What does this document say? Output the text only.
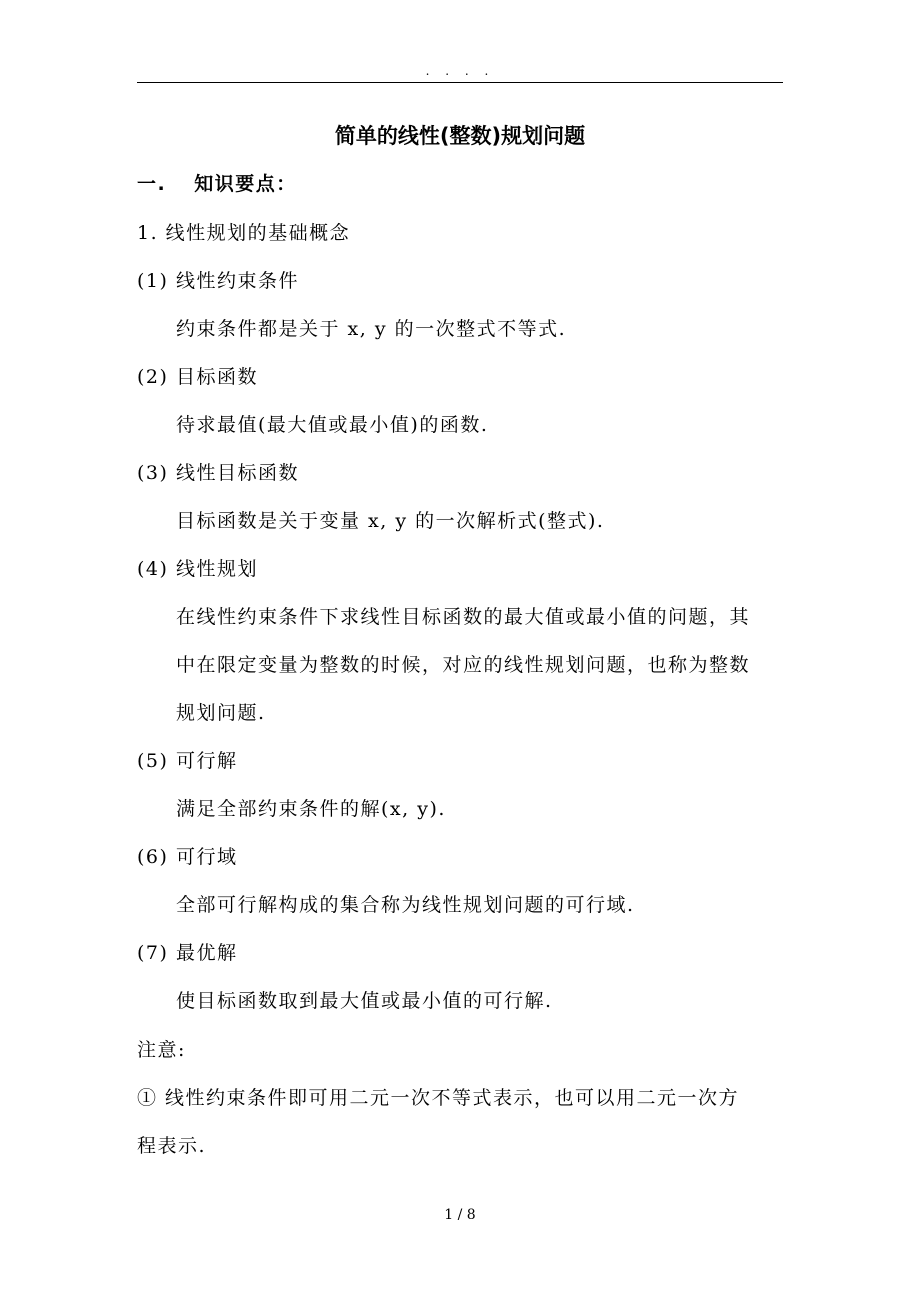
. . . .
简单的线性(整数)规划问题
一. 知识要点：
1. 线性规划的基础概念
(1) 线性约束条件
约束条件都是关于 x, y 的一次整式不等式.
(2) 目标函数
待求最值(最大值或最小值)的函数.
(3) 线性目标函数
目标函数是关于变量 x, y 的一次解析式(整式).
(4) 线性规划
在线性约束条件下求线性目标函数的最大值或最小值的问题，其
中在限定变量为整数的时候，对应的线性规划问题，也称为整数
规划问题.
(5) 可行解
满足全部约束条件的解(x, y).
(6) 可行域
全部可行解构成的集合称为线性规划问题的可行域.
(7) 最优解
使目标函数取到最大值或最小值的可行解.
注意:
① 线性约束条件即可用二元一次不等式表示，也可以用二元一次方
程表示.
1 / 8
